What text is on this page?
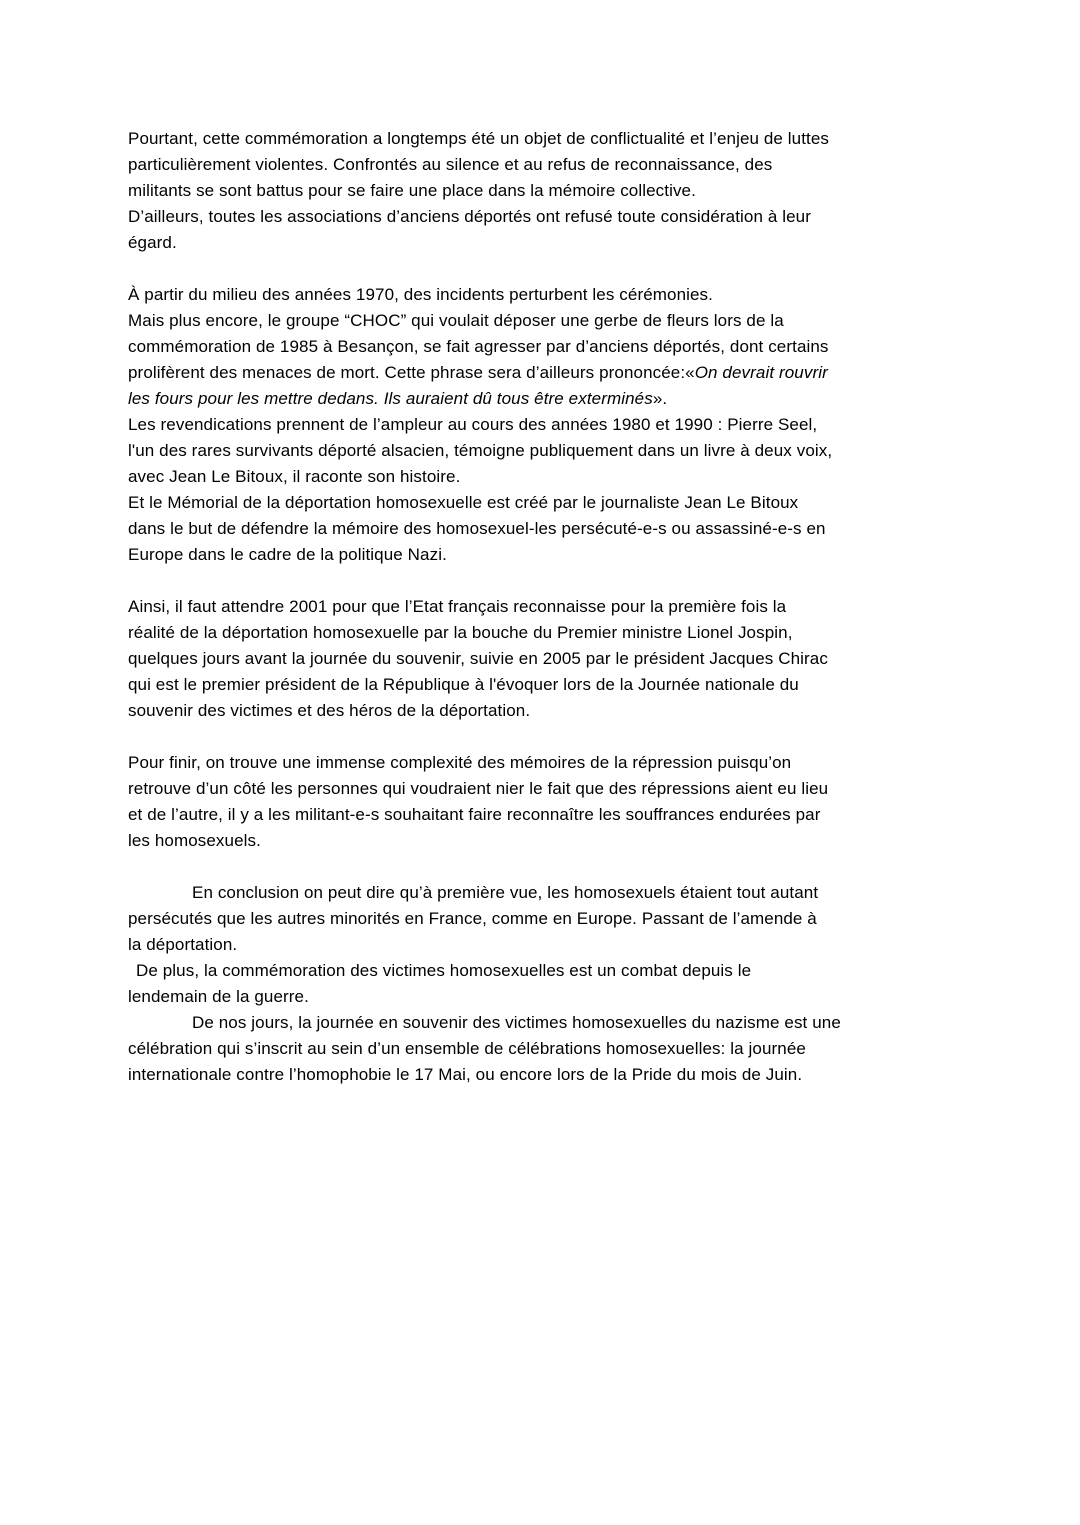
Pourtant, cette commémoration a longtemps été un objet de conflictualité et l’enjeu de luttes
particulièrement violentes. Confrontés au silence et au refus de reconnaissance, des
militants se sont battus pour se faire une place dans la mémoire collective.
D’ailleurs, toutes les associations d’anciens déportés ont refusé toute considération à leur
égard.

À partir du milieu des années 1970, des incidents perturbent les cérémonies.
Mais plus encore, le groupe “CHOC” qui voulait déposer une gerbe de fleurs lors de la
commémoration de 1985 à Besançon, se fait agresser par d’anciens déportés, dont certains
prolifèrent des menaces de mort. Cette phrase sera d’ailleurs prononcée:«On devrait rouvrir
les fours pour les mettre dedans. Ils auraient dû tous être exterminés».
Les revendications prennent de l’ampleur au cours des années 1980 et 1990 : Pierre Seel,
l'un des rares survivants déporté alsacien, témoigne publiquement dans un livre à deux voix,
avec Jean Le Bitoux, il raconte son histoire.
Et le Mémorial de la déportation homosexuelle est créé par le journaliste Jean Le Bitoux
dans le but de défendre la mémoire des homosexuel-les persécuté-e-s ou assassiné-e-s en
Europe dans le cadre de la politique Nazi.

Ainsi, il faut attendre 2001 pour que l’Etat français reconnaisse pour la première fois la
réalité de la déportation homosexuelle par la bouche du Premier ministre Lionel Jospin,
quelques jours avant la journée du souvenir, suivie en 2005 par le président Jacques Chirac
qui est le premier président de la République à l'évoquer lors de la Journée nationale du
souvenir des victimes et des héros de la déportation.

Pour finir, on trouve une immense complexité des mémoires de la répression puisqu’on
retrouve d’un côté les personnes qui voudraient nier le fait que des répressions aient eu lieu
et de l’autre, il y a les militant-e-s souhaitant faire reconnaître les souffrances endurées par
les homosexuels.

En conclusion on peut dire qu’à première vue, les homosexuels étaient tout autant
persécutés que les autres minorités en France, comme en Europe. Passant de l’amende à
la déportation.
De plus, la commémoration des victimes homosexuelles est un combat depuis le
lendemain de la guerre.
De nos jours, la journée en souvenir des victimes homosexuelles du nazisme est une
célébration qui s’inscrit au sein d’un ensemble de célébrations homosexuelles: la journée
internationale contre l’homophobie le 17 Mai, ou encore lors de la Pride du mois de Juin.
